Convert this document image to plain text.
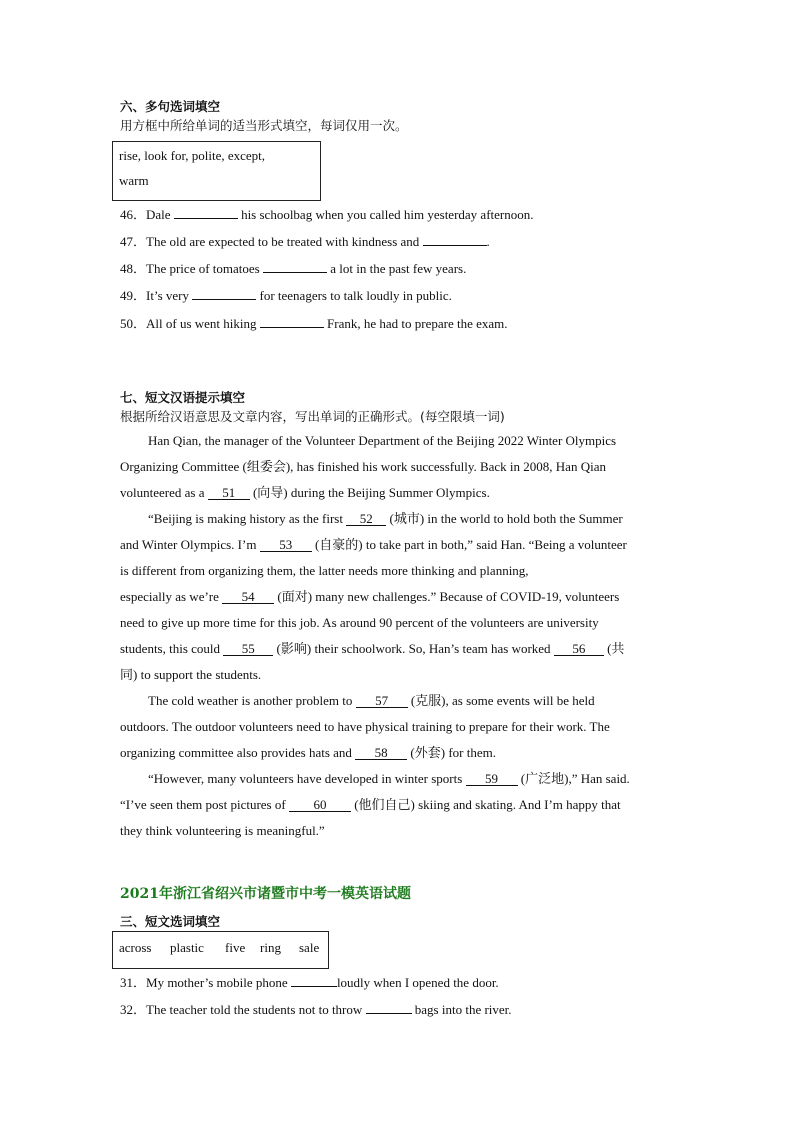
六、多句选词填空
用方框中所给单词的适当形式填空，每词仅用一次。
rise, look for, polite, except,
warm
46．Dale	his schoolbag when you called him yesterday afternoon.
47．The old are expected to be treated with kindness and	.
48．The price of tomatoes	a lot in the past few years.
49．It’s very	for teenagers to talk loudly in public.
50．All of us went hiking	Frank, he had to prepare the exam.
七、短文汉语提示填空
根据所给汉语意思及文章内容，写出单词的正确形式。(每空限填一词)
Han Qian, the manager of the Volunteer Department of the Beijing 2022 Winter Olympics
Organizing Committee (组委会), has finished his work successfully. Back in 2008, Han Qian
volunteered as a 51 (向导) during the Beijing Summer Olympics.
“Beijing is making history as the first 52 (城市) in the world to hold both the Summer
and Winter Olympics. I’m 53 (自豪的) to take part in both,” said Han. “Being a volunteer
is different from organizing them, the latter needs more thinking and planning,
especially as we’re 54 (面对) many new challenges.” Because of COVID-19, volunteers
need to give up more time for this job. As around 90 percent of the volunteers are university
students, this could 55 (影响) their schoolwork. So, Han’s team has worked 56 (共
同) to support the students.
The cold weather is another problem to 57 (克服), as some events will be held
outdoors. The outdoor volunteers need to have physical training to prepare for their work. The
organizing committee also provides hats and 58 (外套) for them.
“However, many volunteers have developed in winter sports 59 (广泛地),” Han said.
“I’ve seen them post pictures of 60 (他们自己) skiing and skating. And I’m happy that
they think volunteering is meaningful.”
2021年浙江省绍兴市诸暨市中考一模英语试题
三、短文选词填空
across plastic five ring sale
31．My mother’s mobile phone	loudly when I opened the door.
32．The teacher told the students not to throw	bags into the river.
